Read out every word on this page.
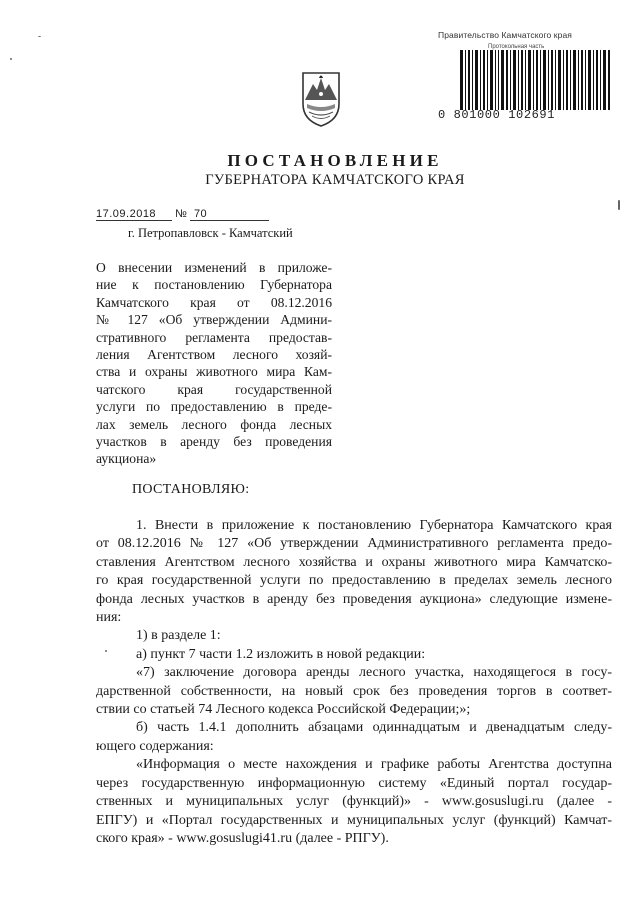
Правительство Камчатского края
Протокольная часть
0 801000 102691
ПОСТАНОВЛЕНИЕ
ГУБЕРНАТОРА КАМЧАТСКОГО КРАЯ
17.09.2018 № 70
г. Петропавловск - Камчатский
О внесении изменений в приложе-
ние к постановлению Губернатора
Камчатского края от 08.12.2016
№ 127 «Об утверждении Админи-
стративного регламента предостав-
ления Агентством лесного хозяй-
ства и охраны животного мира Кам-
чатского края государственной
услуги по предоставлению в преде-
лах земель лесного фонда лесных
участков в аренду без проведения
аукциона»
ПОСТАНОВЛЯЮ:
1. Внести в приложение к постановлению Губернатора Камчатского края
от 08.12.2016 № 127 «Об утверждении Административного регламента предо-
ставления Агентством лесного хозяйства и охраны животного мира Камчатско-
го края государственной услуги по предоставлению в пределах земель лесного
фонда лесных участков в аренду без проведения аукциона» следующие измене-
ния:
1) в разделе 1:
а) пункт 7 части 1.2 изложить в новой редакции:
«7) заключение договора аренды лесного участка, находящегося в госу-
дарственной собственности, на новый срок без проведения торгов в соответ-
ствии со статьей 74 Лесного кодекса Российской Федерации;»;
б) часть 1.4.1 дополнить абзацами одиннадцатым и двенадцатым следу-
ющего содержания:
«Информация о месте нахождения и графике работы Агентства доступна
через государственную информационную систему «Единый портал государ-
ственных и муниципальных услуг (функций)» - www.gosuslugi.ru (далее -
ЕПГУ) и «Портал государственных и муниципальных услуг (функций) Камчат-
ского края» - www.gosuslugi41.ru (далее - РПГУ).
